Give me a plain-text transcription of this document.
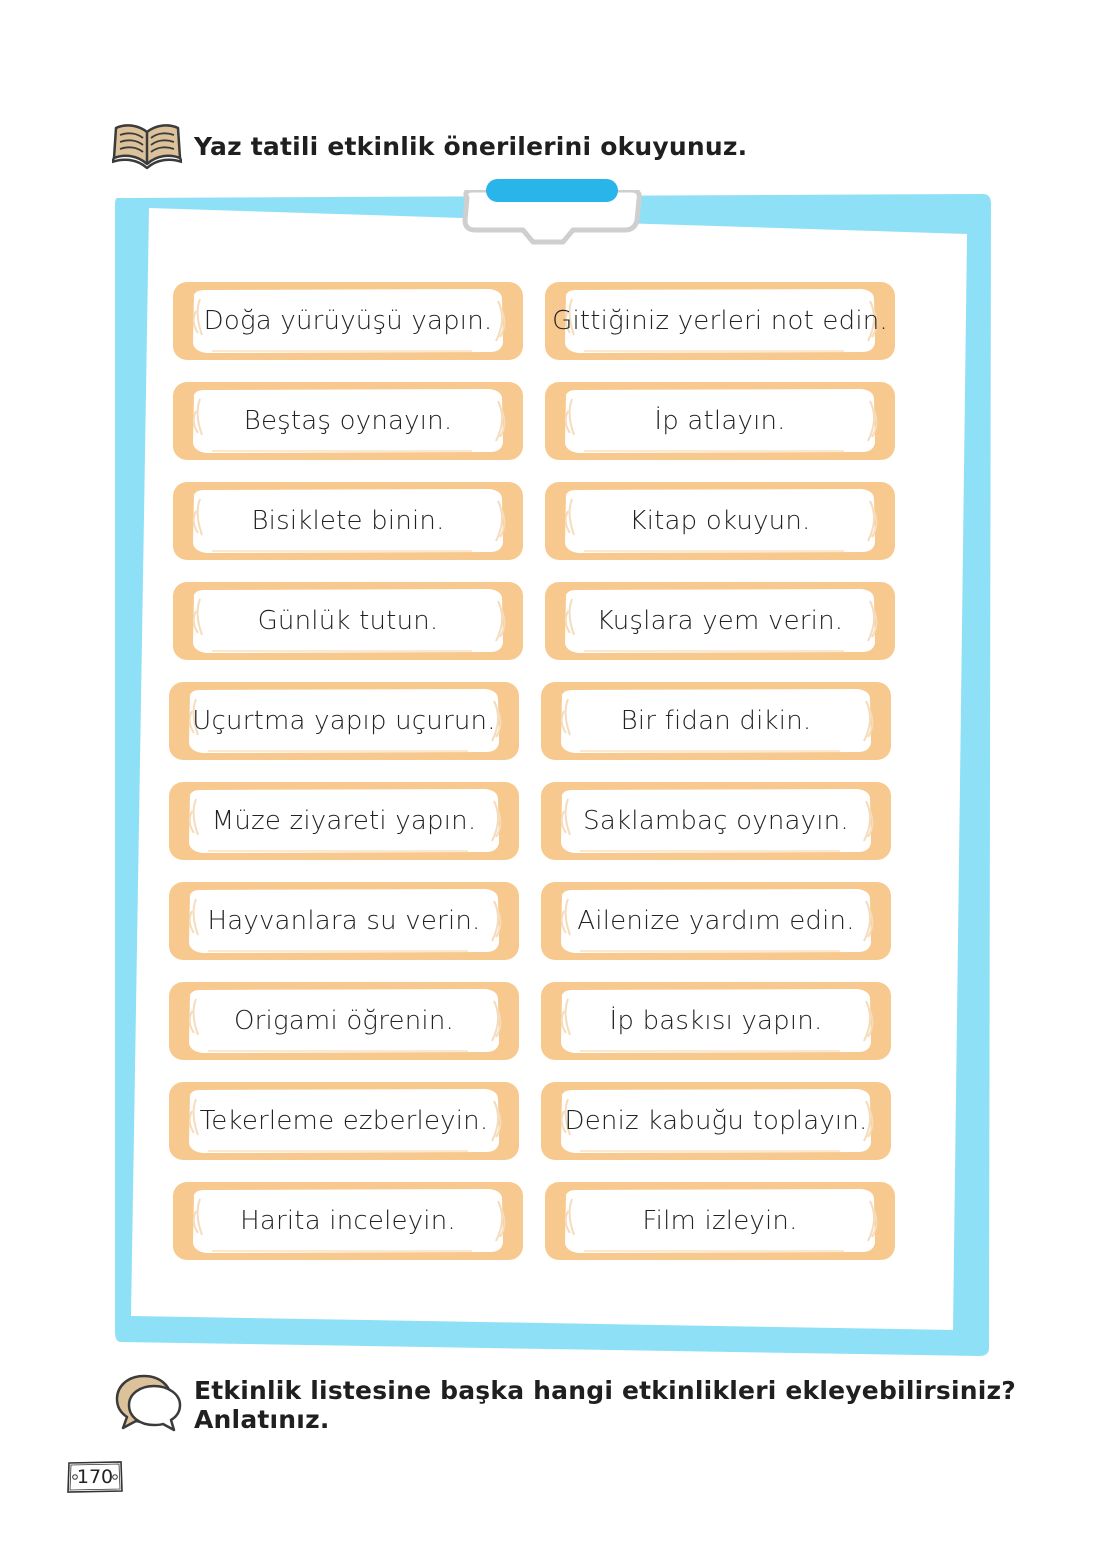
Yaz tatili etkinlik önerilerini okuyunuz.
Doğa yürüyüşü yapın.	Gittiğiniz yerleri not edin.
Beştaş oynayın.	İp atlayın.
Bisiklete binin.	Kitap okuyun.
Günlük tutun.	Kuşlara yem verin.
Uçurtma yapıp uçurun.	Bir fidan dikin.
Müze ziyareti yapın.	Saklambaç oynayın.
Hayvanlara su verin.	Ailenize yardım edin.
Origami öğrenin.	İp baskısı yapın.
Tekerleme ezberleyin.	Deniz kabuğu toplayın.
Harita inceleyin.	Film izleyin.
Etkinlik listesine başka hangi etkinlikleri ekleyebilirsiniz? Anlatınız.
170
